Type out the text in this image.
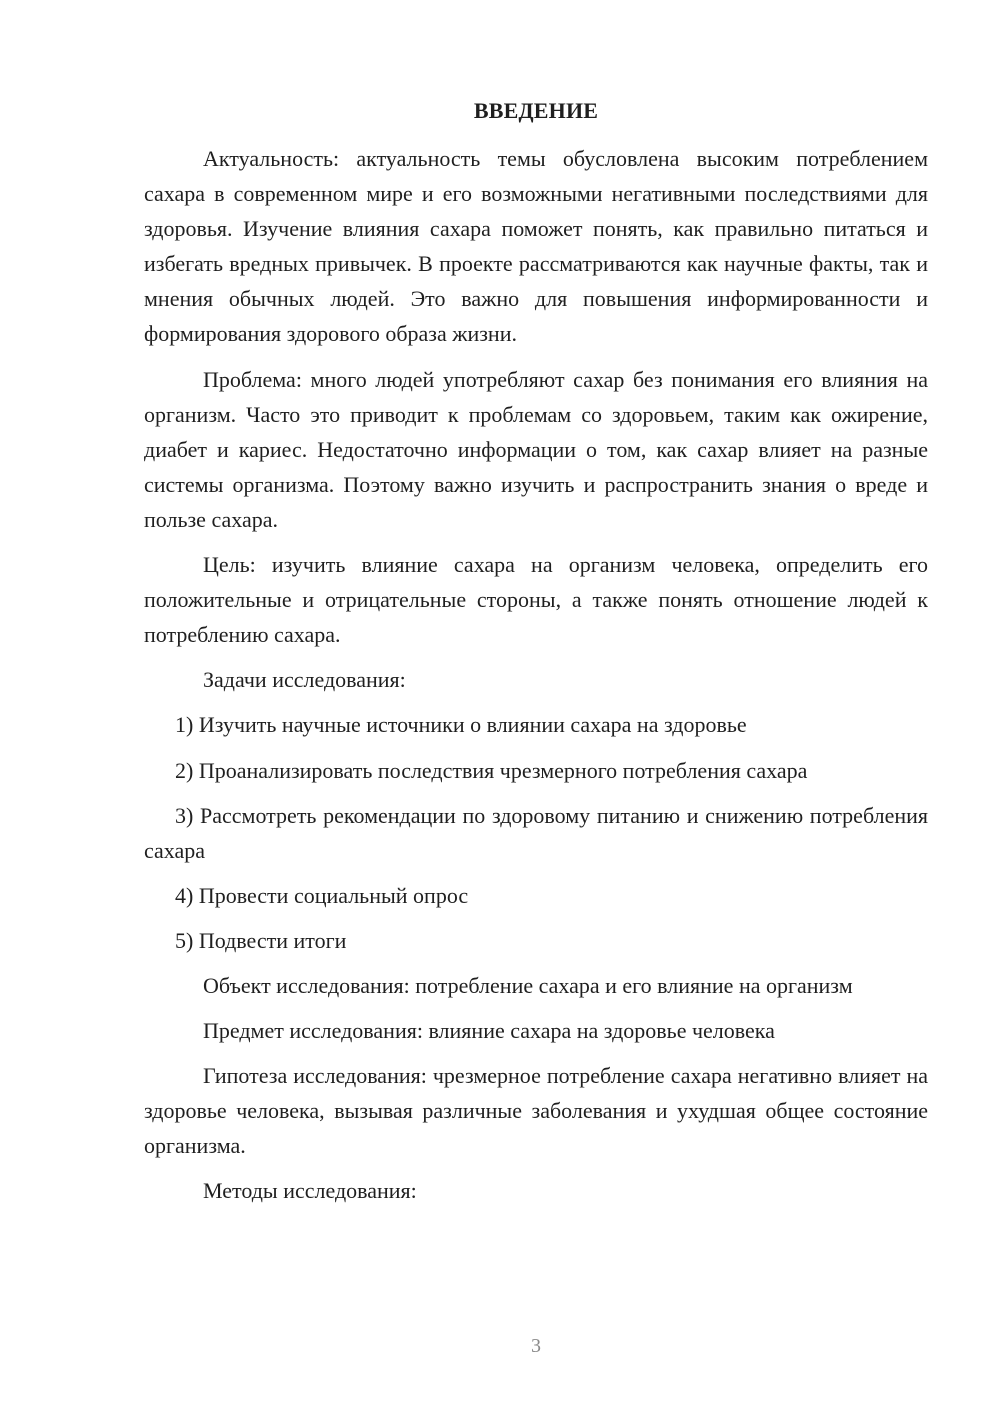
ВВЕДЕНИЕ

Актуальность: актуальность темы обусловлена высоким потреблением сахара в современном мире и его возможными негативными последствиями для здоровья. Изучение влияния сахара поможет понять, как правильно питаться и избегать вредных привычек. В проекте рассматриваются как научные факты, так и мнения обычных людей. Это важно для повышения информированности и формирования здорового образа жизни.

Проблема: много людей употребляют сахар без понимания его влияния на организм. Часто это приводит к проблемам со здоровьем, таким как ожирение, диабет и кариес. Недостаточно информации о том, как сахар влияет на разные системы организма. Поэтому важно изучить и распространить знания о вреде и пользе сахара.

Цель: изучить влияние сахара на организм человека, определить его положительные и отрицательные стороны, а также понять отношение людей к потреблению сахара.

Задачи исследования:

1) Изучить научные источники о влиянии сахара на здоровье

2) Проанализировать последствия чрезмерного потребления сахара

3) Рассмотреть рекомендации по здоровому питанию и снижению потребления сахара

4) Провести социальный опрос

5) Подвести итоги

Объект исследования: потребление сахара и его влияние на организм

Предмет исследования: влияние сахара на здоровье человека

Гипотеза исследования: чрезмерное потребление сахара негативно влияет на здоровье человека, вызывая различные заболевания и ухудшая общее состояние организма.

Методы исследования:

3
